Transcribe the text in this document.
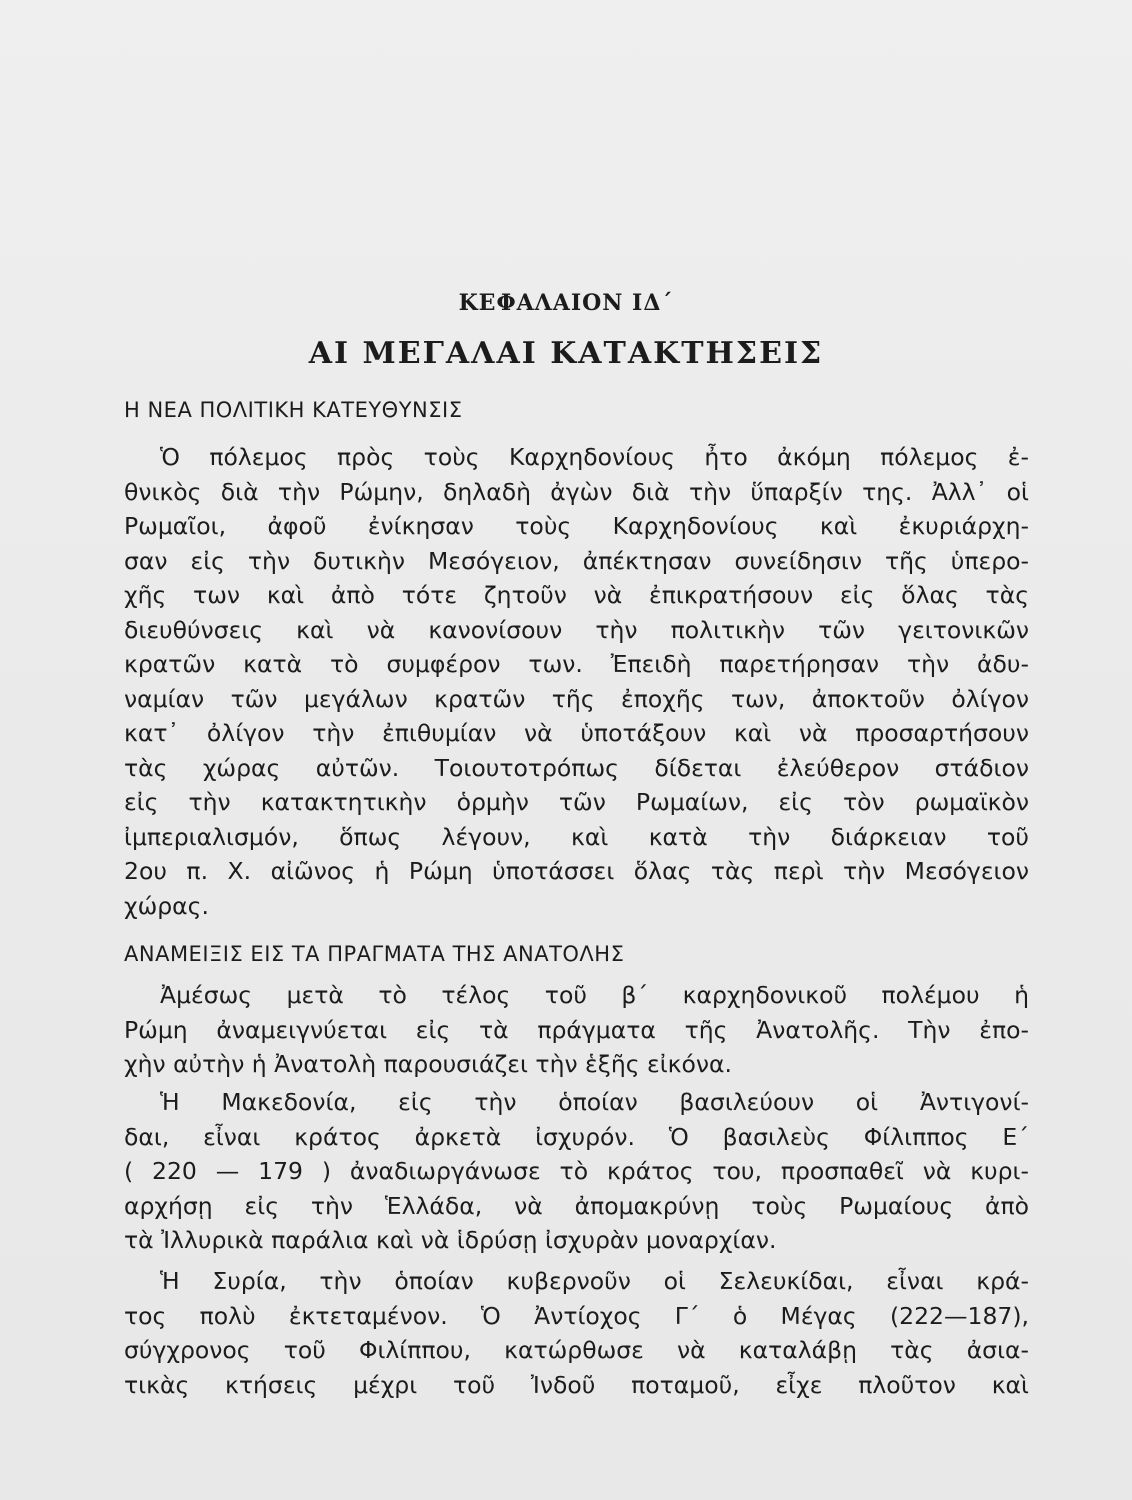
ΚΕΦΑΛΑΙΟΝ ΙΔ΄
ΑΙ ΜΕΓΑΛΑΙ ΚΑΤΑΚΤΗΣΕΙΣ
Η ΝΕΑ ΠΟΛΙΤΙΚΗ ΚΑΤΕΥΘΥΝΣΙΣ
Ὁ πόλεμος πρὸς τοὺς Καρχηδονίους ἦτο ἀκόμη πόλεμος ἐ-
θνικὸς διὰ τὴν Ρώμην, δηλαδὴ ἀγὼν διὰ τὴν ὕπαρξίν της. Ἀλλ᾽ οἱ
Ρωμαῖοι, ἀφοῦ ἐνίκησαν τοὺς Καρχηδονίους καὶ ἐκυριάρχη-
σαν εἰς τὴν δυτικὴν Μεσόγειον, ἀπέκτησαν συνείδησιν τῆς ὑπερο-
χῆς των καὶ ἀπὸ τότε ζητοῦν νὰ ἐπικρατήσουν εἰς ὅλας τὰς
διευθύνσεις καὶ νὰ κανονίσουν τὴν πολιτικὴν τῶν γειτονικῶν
κρατῶν κατὰ τὸ συμφέρον των. Ἐπειδὴ παρετήρησαν τὴν ἀδυ-
ναμίαν τῶν μεγάλων κρατῶν τῆς ἐποχῆς των, ἀποκτοῦν ὀλίγον
κατ᾽ ὀλίγον τὴν ἐπιθυμίαν νὰ ὑποτάξουν καὶ νὰ προσαρτήσουν
τὰς χώρας αὐτῶν. Τοιουτοτρόπως δίδεται ἐλεύθερον στάδιον
εἰς τὴν κατακτητικὴν ὁρμὴν τῶν Ρωμαίων, εἰς τὸν ρωμαϊκὸν
ἰμπεριαλισμόν, ὅπως λέγουν, καὶ κατὰ τὴν διάρκειαν τοῦ
2ου π. Χ. αἰῶνος ἡ Ρώμη ὑποτάσσει ὅλας τὰς περὶ τὴν Μεσόγειον
χώρας.
ΑΝΑΜΕΙΞΙΣ ΕΙΣ ΤΑ ΠΡΑΓΜΑΤΑ ΤΗΣ ΑΝΑΤΟΛΗΣ
Ἀμέσως μετὰ τὸ τέλος τοῦ β΄ καρχηδονικοῦ πολέμου ἡ
Ρώμη ἀναμειγνύεται εἰς τὰ πράγματα τῆς Ἀνατολῆς. Τὴν ἐπο-
χὴν αὐτὴν ἡ Ἀνατολὴ παρουσιάζει τὴν ἑξῆς εἰκόνα.
Ἡ Μακεδονία, εἰς τὴν ὁποίαν βασιλεύουν οἱ Ἀντιγονί-
δαι, εἶναι κράτος ἀρκετὰ ἰσχυρόν. Ὁ βασιλεὺς Φίλιππος Ε΄
( 220 — 179 ) ἀναδιωργάνωσε τὸ κράτος του, προσπαθεῖ νὰ κυρι-
αρχήσῃ εἰς τὴν Ἑλλάδα, νὰ ἀπομακρύνῃ τοὺς Ρωμαίους ἀπὸ
τὰ Ἰλλυρικὰ παράλια καὶ νὰ ἱδρύσῃ ἰσχυρὰν μοναρχίαν.
Ἡ Συρία, τὴν ὁποίαν κυβερνοῦν οἱ Σελευκίδαι, εἶναι κρά-
τος πολὺ ἐκτεταμένον. Ὁ Ἀντίοχος Γ΄ ὁ Μέγας (222—187),
σύγχρονος τοῦ Φιλίππου, κατώρθωσε νὰ καταλάβῃ τὰς ἀσια-
τικὰς κτήσεις μέχρι τοῦ Ἰνδοῦ ποταμοῦ, εἶχε πλοῦτον καὶ
